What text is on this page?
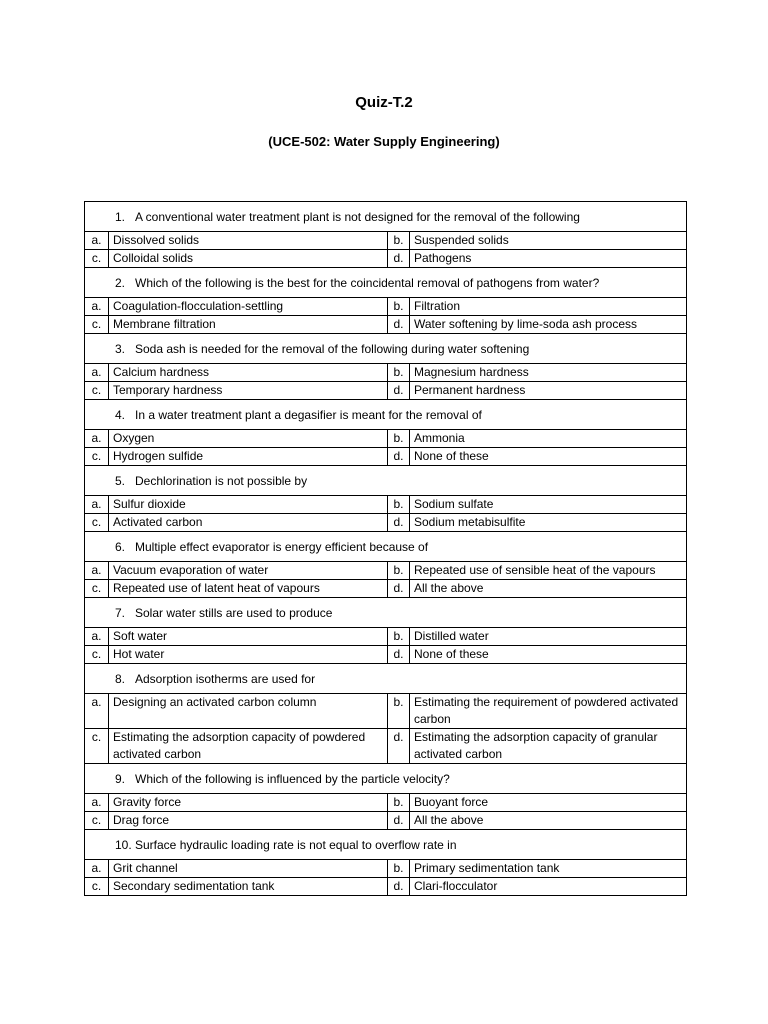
Quiz-T.2
(UCE-502: Water Supply Engineering)
1. A conventional water treatment plant is not designed for the removal of the following			
a.	Dissolved solids	b.	Suspended solids
c.	Colloidal solids	d.	Pathogens
2. Which of the following is the best for the coincidental removal of pathogens from water?			
a.	Coagulation-flocculation-settling	b.	Filtration
c.	Membrane filtration	d.	Water softening by lime-soda ash process
3. Soda ash is needed for the removal of the following during water softening			
a.	Calcium hardness	b.	Magnesium hardness
c.	Temporary hardness	d.	Permanent hardness
4. In a water treatment plant a degasifier is meant for the removal of			
a.	Oxygen	b.	Ammonia
c.	Hydrogen sulfide	d.	None of these
5. Dechlorination is not possible by			
a.	Sulfur dioxide	b.	Sodium sulfate
c.	Activated carbon	d.	Sodium metabisulfite
6. Multiple effect evaporator is energy efficient because of			
a.	Vacuum evaporation of water	b.	Repeated use of sensible heat of the vapours
c.	Repeated use of latent heat of vapours	d.	All the above
7. Solar water stills are used to produce			
a.	Soft water	b.	Distilled water
c.	Hot water	d.	None of these
8. Adsorption isotherms are used for			
a.	Designing an activated carbon column	b.	Estimating the requirement of powdered activated carbon
c.	Estimating the adsorption capacity of powdered activated carbon	d.	Estimating the adsorption capacity of granular activated carbon
9. Which of the following is influenced by the particle velocity?			
a.	Gravity force	b.	Buoyant force
c.	Drag force	d.	All the above
10. Surface hydraulic loading rate is not equal to overflow rate in			
a.	Grit channel	b.	Primary sedimentation tank
c.	Secondary sedimentation tank	d.	Clari-flocculator
